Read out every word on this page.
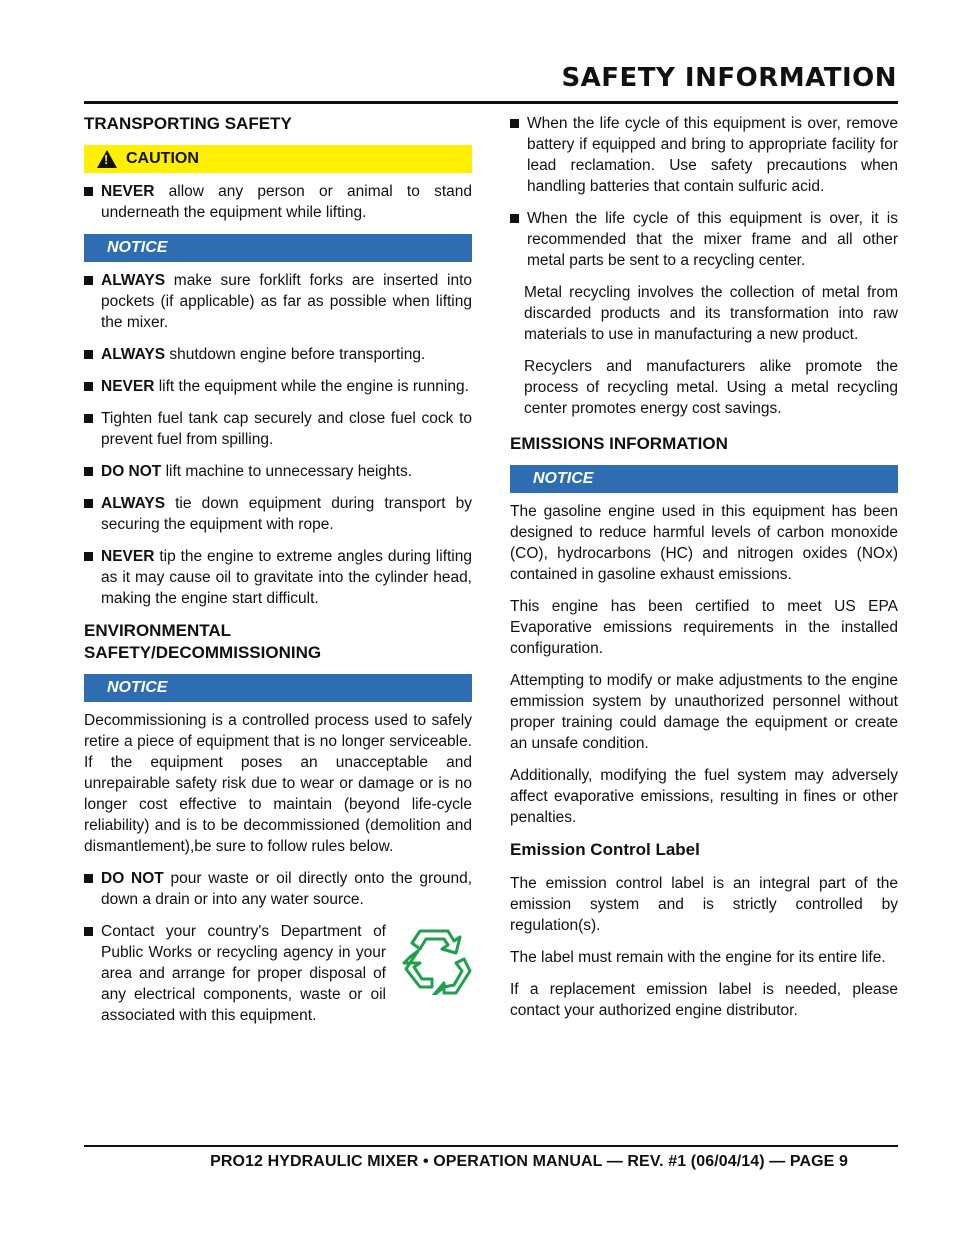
SAFETY INFORMATION
TRANSPORTING SAFETY
!
CAUTION
NEVER allow any person or animal to stand underneath the equipment while lifting.
NOTICE
ALWAYS make sure forklift forks are inserted into pockets (if applicable) as far as possible when lifting the mixer.
ALWAYS shutdown engine before transporting.
NEVER lift the equipment while the engine is running.
Tighten fuel tank cap securely and close fuel cock to prevent fuel from spilling.
DO NOT lift machine to unnecessary heights.
ALWAYS tie down equipment during transport by securing the equipment with rope.
NEVER tip the engine to extreme angles during lifting as it may cause oil to gravitate into the cylinder head, making the engine start difficult.
ENVIRONMENTAL SAFETY/DECOMMISSIONING
NOTICE
Decommissioning is a controlled process used to safely retire a piece of equipment that is no longer serviceable. If the equipment poses an unacceptable and unrepairable safety risk due to wear or damage or is no longer cost effective to maintain (beyond life-cycle reliability) and is to be decommissioned (demolition and dismantlement),be sure to follow rules below.
DO NOT pour waste or oil directly onto the ground, down a drain or into any water source.
Contact your country's Department of Public Works or recycling agency in your area and arrange for proper disposal of any electrical components, waste or oil associated with this equipment.
When the life cycle of this equipment is over, remove battery if equipped and bring to appropriate facility for lead reclamation. Use safety precautions when handling batteries that contain sulfuric acid.
When the life cycle of this equipment is over, it is recommended that the mixer frame and all other metal parts be sent to a recycling center.
Metal recycling involves the collection of metal from discarded products and its transformation into raw materials to use in manufacturing a new product.
Recyclers and manufacturers alike promote the process of recycling metal. Using a metal recycling center promotes energy cost savings.
EMISSIONS INFORMATION
NOTICE
The gasoline engine used in this equipment has been designed to reduce harmful levels of carbon monoxide (CO), hydrocarbons (HC) and nitrogen oxides (NOx) contained in gasoline exhaust emissions.
This engine has been certified to meet US EPA Evaporative emissions requirements in the installed configuration.
Attempting to modify or make adjustments to the engine emmission system by unauthorized personnel without proper training could damage the equipment or create an unsafe condition.
Additionally, modifying the fuel system may adversely affect evaporative emissions, resulting in fines or other penalties.
Emission Control Label
The emission control label is an integral part of the emission system and is strictly controlled by regulation(s).
The label must remain with the engine for its entire life.
If a replacement emission label is needed, please contact your authorized engine distributor.
PRO12 HYDRAULIC MIXER • OPERATION MANUAL — REV. #1 (06/04/14) — PAGE 9
